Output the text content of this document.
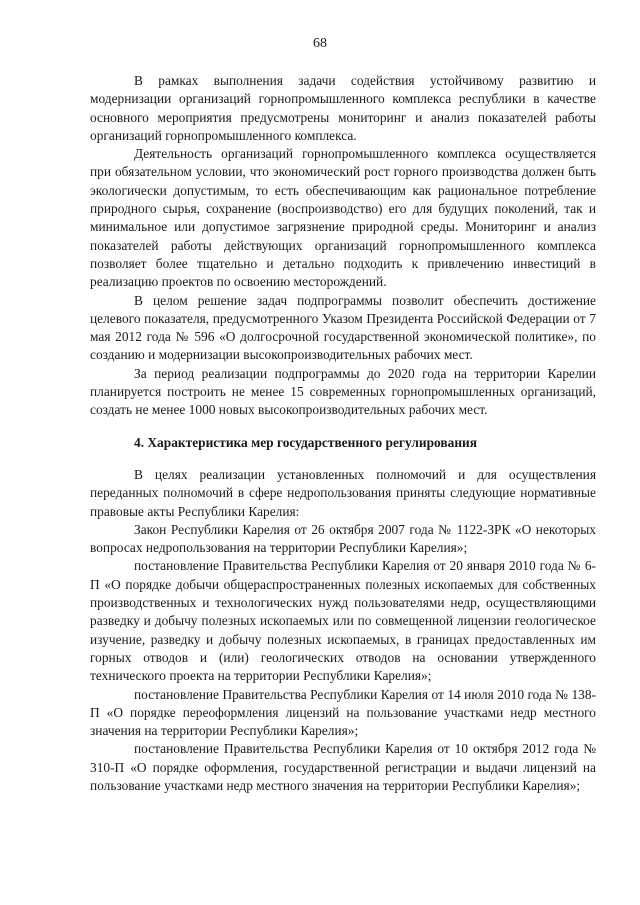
68

В рамках выполнения задачи содействия устойчивому развитию и модернизации организаций горнопромышленного комплекса республики в качестве основного мероприятия предусмотрены мониторинг и анализ показателей работы организаций горнопромышленного комплекса.

Деятельность организаций горнопромышленного комплекса осуществляется при обязательном условии, что экономический рост горного производства должен быть экологически допустимым, то есть обеспечивающим как рациональное потребление природного сырья, сохранение (воспроизводство) его для будущих поколений, так и минимальное или допустимое загрязнение природной среды. Мониторинг и анализ показателей работы действующих организаций горнопромышленного комплекса позволяет более тщательно и детально подходить к привлечению инвестиций в реализацию проектов по освоению месторождений.

В целом решение задач подпрограммы позволит обеспечить достижение целевого показателя, предусмотренного Указом Президента Российской Федерации от 7 мая 2012 года № 596 «О долгосрочной государственной экономической политике», по созданию и модернизации высокопроизводительных рабочих мест.

За период реализации подпрограммы до 2020 года на территории Карелии планируется построить не менее 15 современных горнопромышленных организаций, создать не менее 1000 новых высокопроизводительных рабочих мест.

4. Характеристика мер государственного регулирования

В целях реализации установленных полномочий и для осуществления переданных полномочий в сфере недропользования приняты следующие нормативные правовые акты Республики Карелия:

Закон Республики Карелия от 26 октября 2007 года № 1122-ЗРК «О некоторых вопросах недропользования на территории Республики Карелия»;

постановление Правительства Республики Карелия от 20 января 2010 года № 6-П «О порядке добычи общераспространенных полезных ископаемых для собственных производственных и технологических нужд пользователями недр, осуществляющими разведку и добычу полезных ископаемых или по совмещенной лицензии геологическое изучение, разведку и добычу полезных ископаемых, в границах предоставленных им горных отводов и (или) геологических отводов на основании утвержденного технического проекта на территории Республики Карелия»;

постановление Правительства Республики Карелия от 14 июля 2010 года № 138-П «О порядке переоформления лицензий на пользование участками недр местного значения на территории Республики Карелия»;

постановление Правительства Республики Карелия от 10 октября 2012 года № 310-П «О порядке оформления, государственной регистрации и выдачи лицензий на пользование участками недр местного значения на территории Республики Карелия»;
